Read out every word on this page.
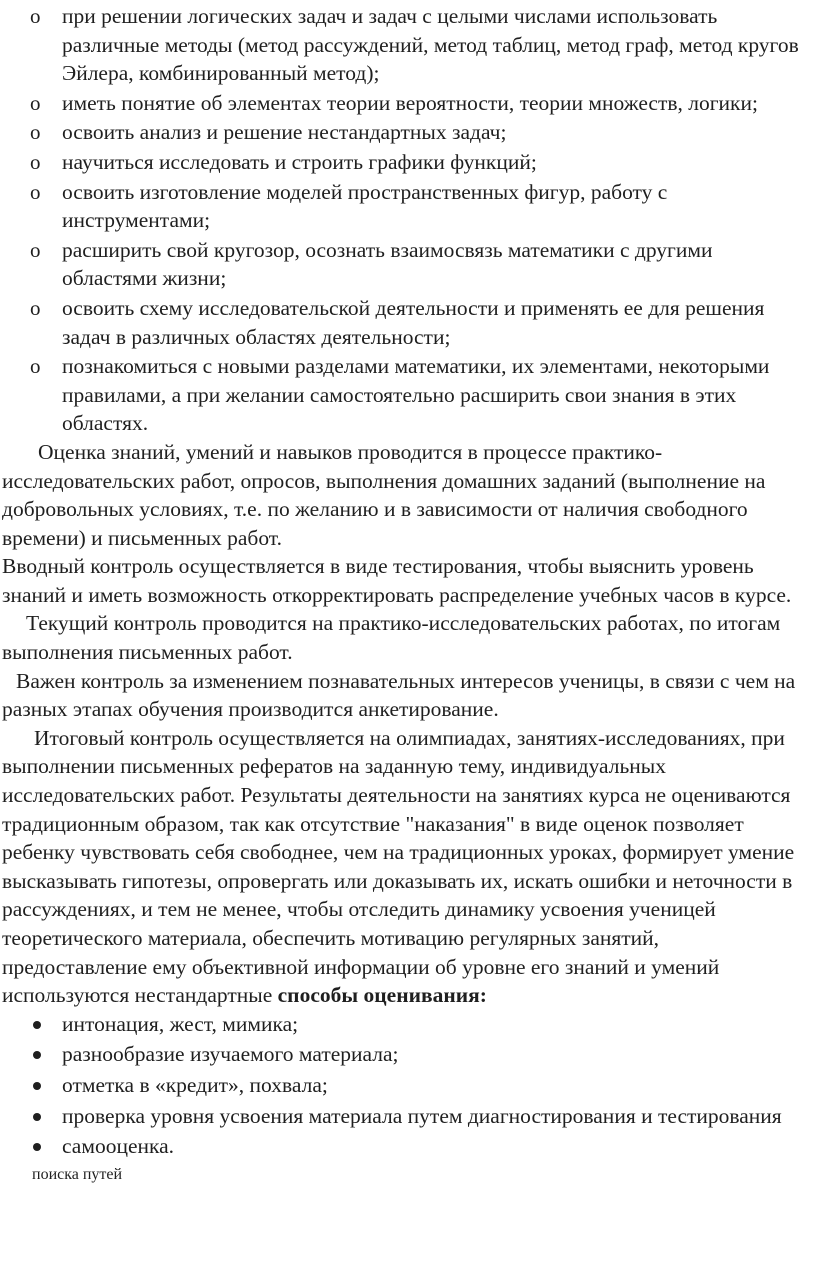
o при решении логических задач и задач с целыми числами использовать различные методы (метод рассуждений, метод таблиц, метод граф, метод кругов Эйлера, комбинированный метод);
o иметь понятие об элементах теории вероятности, теории множеств, логики;
o освоить анализ и решение нестандартных задач;
o научиться исследовать и строить графики функций;
o освоить изготовление моделей пространственных фигур, работу с инструментами;
o расширить свой кругозор, осознать взаимосвязь математики с другими областями жизни;
o освоить схему исследовательской деятельности и применять ее для решения задач в различных областях деятельности;
o познакомиться с новыми разделами математики, их элементами, некоторыми правилами, а при желании самостоятельно расширить свои знания в этих областях.

Оценка знаний, умений и навыков проводится в процессе практико-исследовательских работ, опросов, выполнения домашних заданий (выполнение на добровольных условиях, т.е. по желанию и в зависимости от наличия свободного времени) и письменных работ.

Вводный контроль осуществляется в виде тестирования, чтобы выяснить уровень знаний и иметь возможность откорректировать распределение учебных часов в курсе.

Текущий контроль проводится на практико-исследовательских работах, по итогам выполнения письменных работ.

Важен контроль за изменением познавательных интересов ученицы, в связи с чем на разных этапах обучения производится анкетирование.

Итоговый контроль осуществляется на олимпиадах, занятиях-исследованиях, при выполнении письменных рефератов на заданную тему, индивидуальных исследовательских работ. Результаты деятельности на занятиях курса не оцениваются традиционным образом, так как отсутствие "наказания" в виде оценок позволяет ребенку чувствовать себя свободнее, чем на традиционных уроках, формирует умение высказывать гипотезы, опровергать или доказывать их, искать ошибки и неточности в рассуждениях, и тем не менее, чтобы отследить динамику усвоения ученицей теоретического материала, обеспечить мотивацию регулярных занятий, предоставление ему объективной информации об уровне его знаний и умений используются нестандартные способы оценивания:

интонация, жест, мимика;
разнообразие изучаемого материала;
отметка в «кредит», похвала;
проверка уровня усвоения материала путем диагностирования и тестирования
самооценка.
поиска путей
